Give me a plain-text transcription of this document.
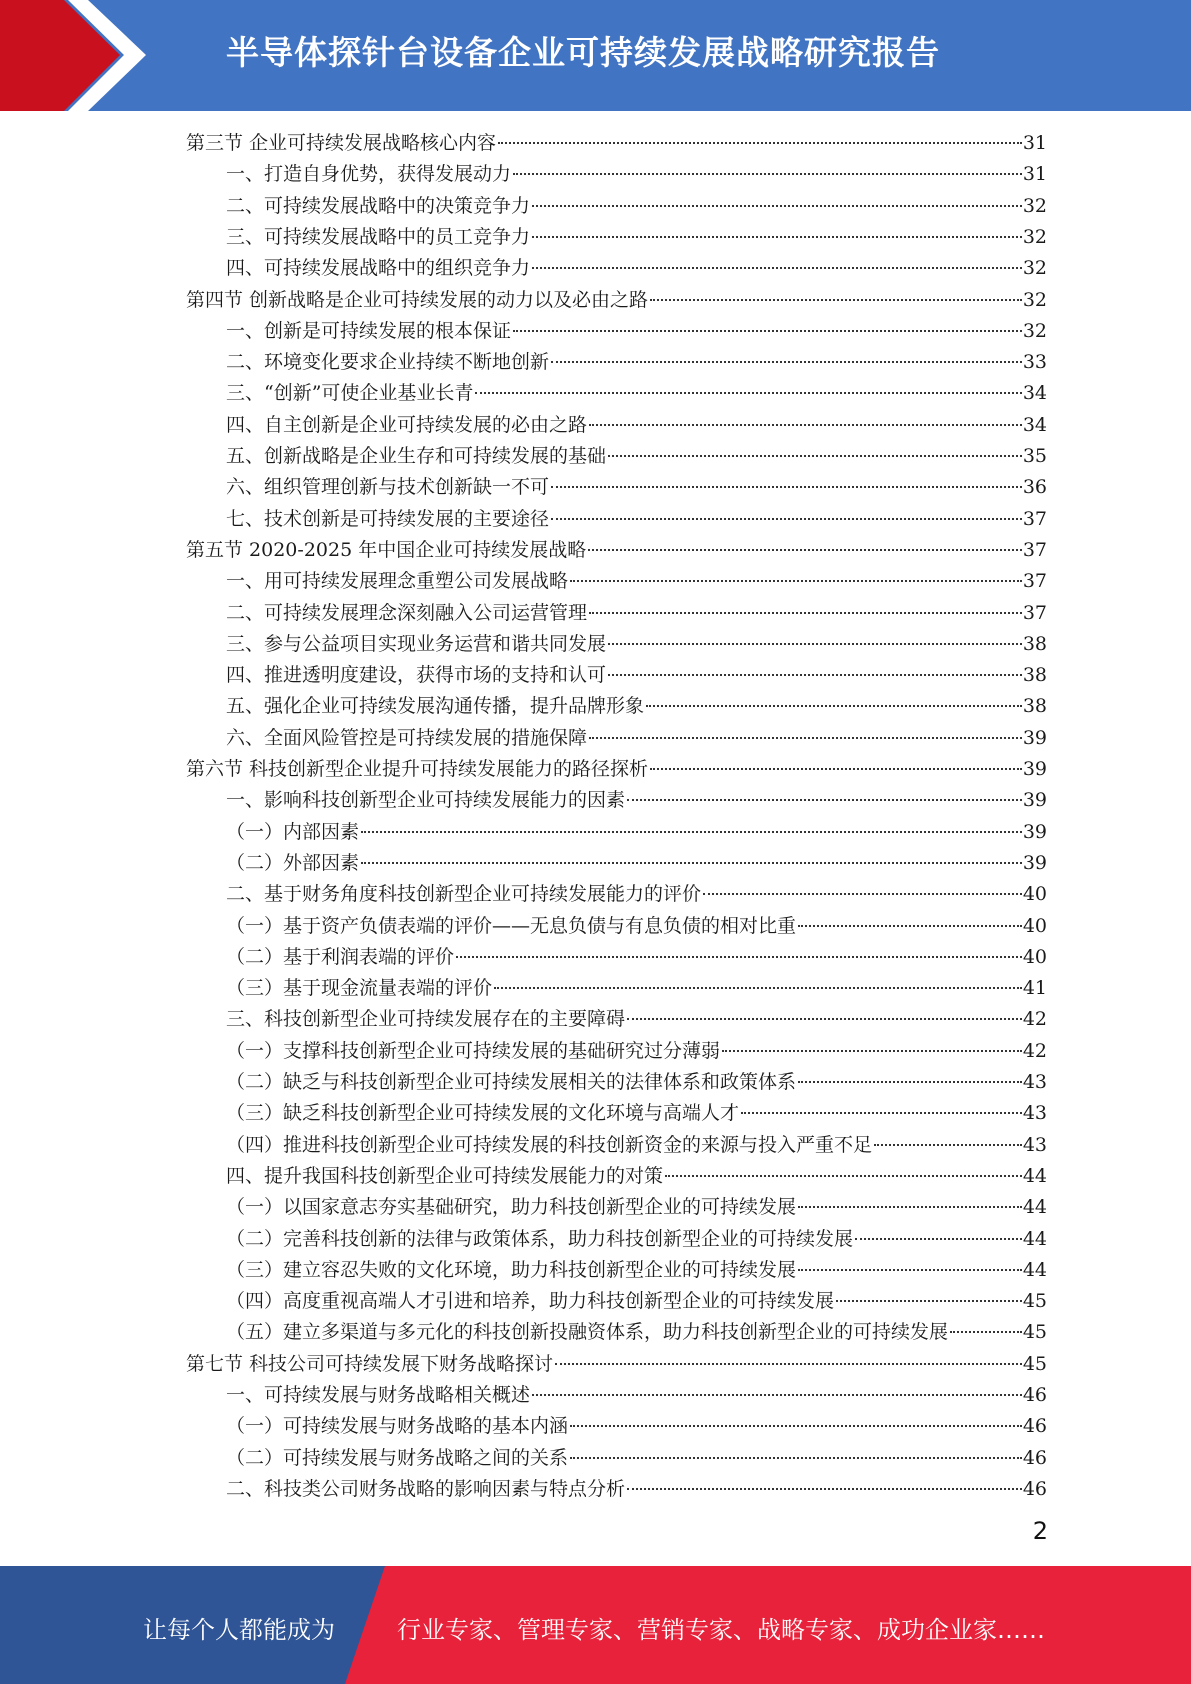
半导体探针台设备企业可持续发展战略研究报告
第三节 企业可持续发展战略核心内容	31
一、打造自身优势，获得发展动力	31
二、可持续发展战略中的决策竞争力	32
三、可持续发展战略中的员工竞争力	32
四、可持续发展战略中的组织竞争力	32
第四节 创新战略是企业可持续发展的动力以及必由之路	32
一、创新是可持续发展的根本保证	32
二、环境变化要求企业持续不断地创新	33
三、“创新”可使企业基业长青	34
四、自主创新是企业可持续发展的必由之路	34
五、创新战略是企业生存和可持续发展的基础	35
六、组织管理创新与技术创新缺一不可	36
七、技术创新是可持续发展的主要途径	37
第五节 2020-2025 年中国企业可持续发展战略	37
一、用可持续发展理念重塑公司发展战略	37
二、可持续发展理念深刻融入公司运营管理	37
三、参与公益项目实现业务运营和谐共同发展	38
四、推进透明度建设，获得市场的支持和认可	38
五、强化企业可持续发展沟通传播，提升品牌形象	38
六、全面风险管控是可持续发展的措施保障	39
第六节 科技创新型企业提升可持续发展能力的路径探析	39
一、影响科技创新型企业可持续发展能力的因素	39
（一）内部因素	39
（二）外部因素	39
二、基于财务角度科技创新型企业可持续发展能力的评价	40
（一）基于资产负债表端的评价——无息负债与有息负债的相对比重	40
（二）基于利润表端的评价	40
（三）基于现金流量表端的评价	41
三、科技创新型企业可持续发展存在的主要障碍	42
（一）支撑科技创新型企业可持续发展的基础研究过分薄弱	42
（二）缺乏与科技创新型企业可持续发展相关的法律体系和政策体系	43
（三）缺乏科技创新型企业可持续发展的文化环境与高端人才	43
（四）推进科技创新型企业可持续发展的科技创新资金的来源与投入严重不足	43
四、提升我国科技创新型企业可持续发展能力的对策	44
（一）以国家意志夯实基础研究，助力科技创新型企业的可持续发展	44
（二）完善科技创新的法律与政策体系，助力科技创新型企业的可持续发展	44
（三）建立容忍失败的文化环境，助力科技创新型企业的可持续发展	44
（四）高度重视高端人才引进和培养，助力科技创新型企业的可持续发展	45
（五）建立多渠道与多元化的科技创新投融资体系，助力科技创新型企业的可持续发展	45
第七节 科技公司可持续发展下财务战略探讨	45
一、可持续发展与财务战略相关概述	46
（一）可持续发展与财务战略的基本内涵	46
（二）可持续发展与财务战略之间的关系	46
二、科技类公司财务战略的影响因素与特点分析	46
2
让每个人都能成为	行业专家、管理专家、营销专家、战略专家、成功企业家……
